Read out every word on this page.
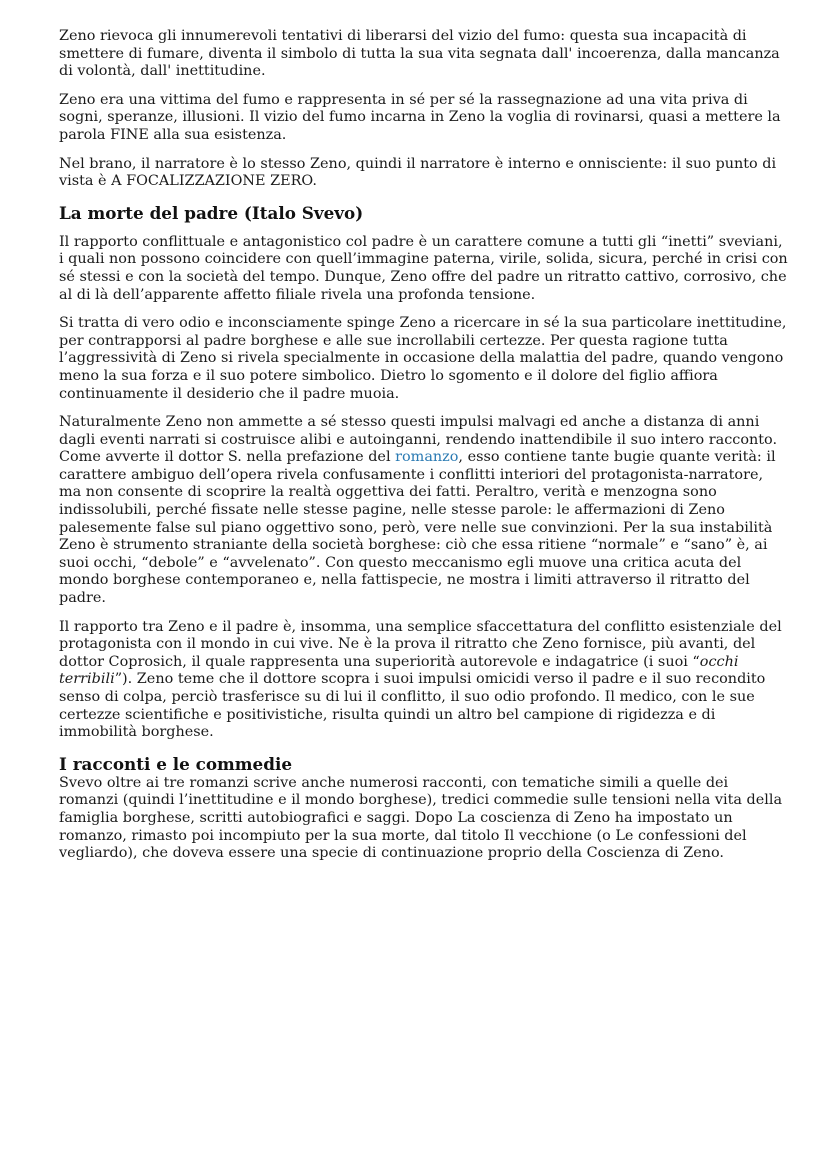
Zeno rievoca gli innumerevoli tentativi di liberarsi del vizio del fumo: questa sua incapacità di smettere di fumare, diventa il simbolo di tutta la sua vita segnata dall' incoerenza, dalla mancanza di volontà, dall' inettitudine.

Zeno era una vittima del fumo e rappresenta in sé per sé la rassegnazione ad una vita priva di sogni, speranze, illusioni. Il vizio del fumo incarna in Zeno la voglia di rovinarsi, quasi a mettere la parola FINE alla sua esistenza.

Nel brano, il narratore è lo stesso Zeno, quindi il narratore è interno e onnisciente: il suo punto di vista è A FOCALIZZAZIONE ZERO.

La morte del padre (Italo Svevo)

Il rapporto conflittuale e antagonistico col padre è un carattere comune a tutti gli “inetti” sveviani, i quali non possono coincidere con quell’immagine paterna, virile, solida, sicura, perché in crisi con sé stessi e con la società del tempo. Dunque, Zeno offre del padre un ritratto cattivo, corrosivo, che al di là dell’apparente affetto filiale rivela una profonda tensione.

Si tratta di vero odio e inconsciamente spinge Zeno a ricercare in sé la sua particolare inettitudine, per contrapporsi al padre borghese e alle sue incrollabili certezze. Per questa ragione tutta l’aggressività di Zeno si rivela specialmente in occasione della malattia del padre, quando vengono meno la sua forza e il suo potere simbolico. Dietro lo sgomento e il dolore del figlio affiora continuamente il desiderio che il padre muoia.

Naturalmente Zeno non ammette a sé stesso questi impulsi malvagi ed anche a distanza di anni dagli eventi narrati si costruisce alibi e autoinganni, rendendo inattendibile il suo intero racconto. Come avverte il dottor S. nella prefazione del romanzo, esso contiene tante bugie quante verità: il carattere ambiguo dell’opera rivela confusamente i conflitti interiori del protagonista-narratore, ma non consente di scoprire la realtà oggettiva dei fatti. Peraltro, verità e menzogna sono indissolubili, perché fissate nelle stesse pagine, nelle stesse parole: le affermazioni di Zeno palesemente false sul piano oggettivo sono, però, vere nelle sue convinzioni. Per la sua instabilità Zeno è strumento straniante della società borghese: ciò che essa ritiene “normale” e “sano” è, ai suoi occhi, “debole” e “avvelenato”. Con questo meccanismo egli muove una critica acuta del mondo borghese contemporaneo e, nella fattispecie, ne mostra i limiti attraverso il ritratto del padre.

Il rapporto tra Zeno e il padre è, insomma, una semplice sfaccettatura del conflitto esistenziale del protagonista con il mondo in cui vive. Ne è la prova il ritratto che Zeno fornisce, più avanti, del dottor Coprosich, il quale rappresenta una superiorità autorevole e indagatrice (i suoi “occhi terribili”). Zeno teme che il dottore scopra i suoi impulsi omicidi verso il padre e il suo recondito senso di colpa, perciò trasferisce su di lui il conflitto, il suo odio profondo. Il medico, con le sue certezze scientifiche e positivistiche, risulta quindi un altro bel campione di rigidezza e di immobilità borghese.

I racconti e le commedie

Svevo oltre ai tre romanzi scrive anche numerosi racconti, con tematiche simili a quelle dei romanzi (quindi l’inettitudine e il mondo borghese), tredici commedie sulle tensioni nella vita della famiglia borghese, scritti autobiografici e saggi. Dopo La coscienza di Zeno ha impostato un romanzo, rimasto poi incompiuto per la sua morte, dal titolo Il vecchione (o Le confessioni del vegliardo), che doveva essere una specie di continuazione proprio della Coscienza di Zeno.
